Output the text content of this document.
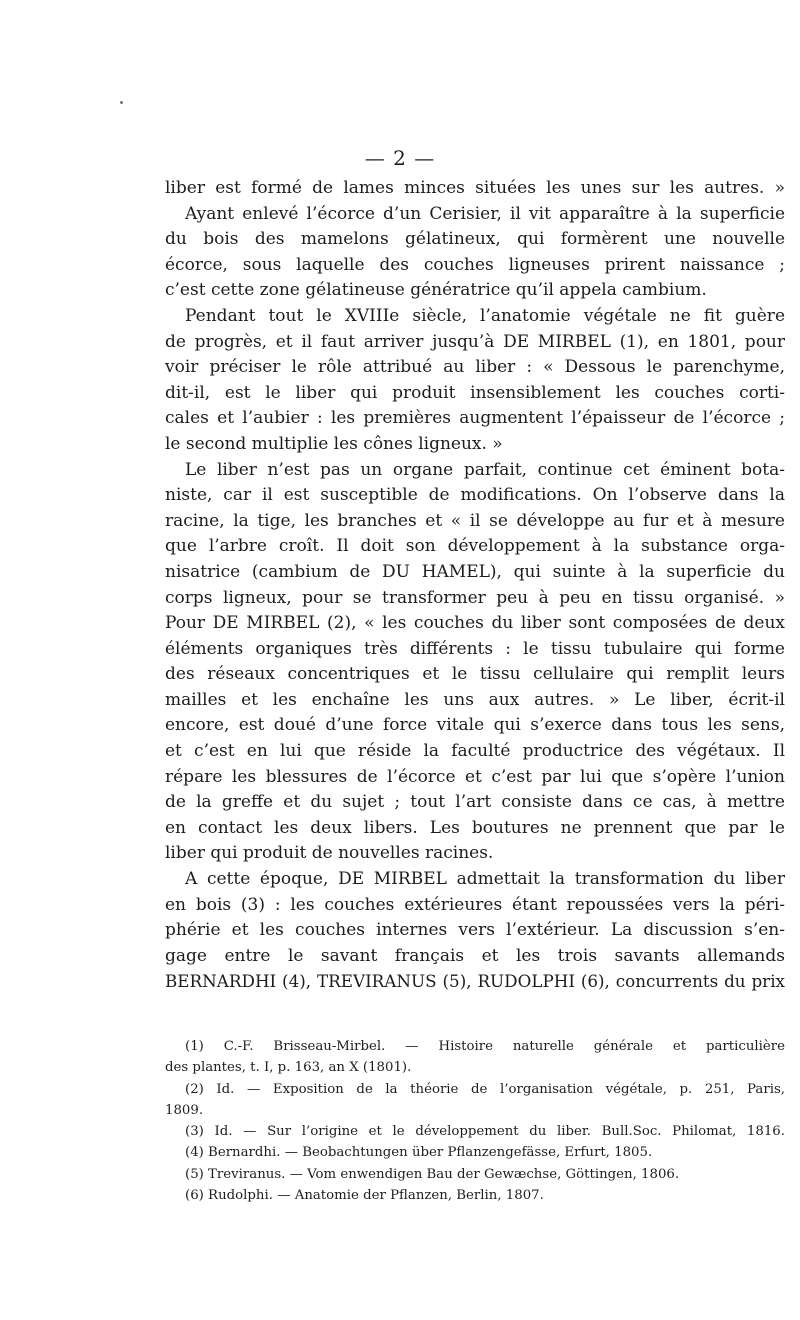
— 2 —
liber est formé de lames minces situées les unes sur les autres. »
Ayant enlevé l’écorce d’un Cerisier, il vit apparaître à la superficie
du bois des mamelons gélatineux, qui formèrent une nouvelle
écorce, sous laquelle des couches ligneuses prirent naissance ;
c’est cette zone gélatineuse génératrice qu’il appela cambium.
Pendant tout le XVIIIe siècle, l’anatomie végétale ne fit guère
de progrès, et il faut arriver jusqu’à DE MIRBEL (1), en 1801, pour
voir préciser le rôle attribué au liber : « Dessous le parenchyme,
dit-il, est le liber qui produit insensiblement les couches corti-
cales et l’aubier : les premières augmentent l’épaisseur de l’écorce ;
le second multiplie les cônes ligneux. »
Le liber n’est pas un organe parfait, continue cet éminent bota-
niste, car il est susceptible de modifications. On l’observe dans la
racine, la tige, les branches et « il se développe au fur et à mesure
que l’arbre croît. Il doit son développement à la substance orga-
nisatrice (cambium de DU HAMEL), qui suinte à la superficie du
corps ligneux, pour se transformer peu à peu en tissu organisé. »
Pour DE MIRBEL (2), « les couches du liber sont composées de deux
éléments organiques très différents : le tissu tubulaire qui forme
des réseaux concentriques et le tissu cellulaire qui remplit leurs
mailles et les enchaîne les uns aux autres. » Le liber, écrit-il
encore, est doué d’une force vitale qui s’exerce dans tous les sens,
et c’est en lui que réside la faculté productrice des végétaux. Il
répare les blessures de l’écorce et c’est par lui que s’opère l’union
de la greffe et du sujet ; tout l’art consiste dans ce cas, à mettre
en contact les deux libers. Les boutures ne prennent que par le
liber qui produit de nouvelles racines.
A cette époque, DE MIRBEL admettait la transformation du liber
en bois (3) : les couches extérieures étant repoussées vers la péri-
phérie et les couches internes vers l’extérieur. La discussion s’en-
gage entre le savant français et les trois savants allemands
BERNARDHI (4), TREVIRANUS (5), RUDOLPHI (6), concurrents du prix
(1) C.-F. Brisseau-Mirbel. — Histoire naturelle générale et particulière
des plantes, t. I, p. 163, an X (1801).
(2) Id. — Exposition de la théorie de l’organisation végétale, p. 251, Paris,
1809.
(3) Id. — Sur l’origine et le développement du liber. Bull.Soc. Philomat, 1816.
(4) Bernardhi. — Beobachtungen über Pflanzengefässe, Erfurt, 1805.
(5) Treviranus. — Vom enwendigen Bau der Gewæchse, Göttingen, 1806.
(6) Rudolphi. — Anatomie der Pflanzen, Berlin, 1807.
